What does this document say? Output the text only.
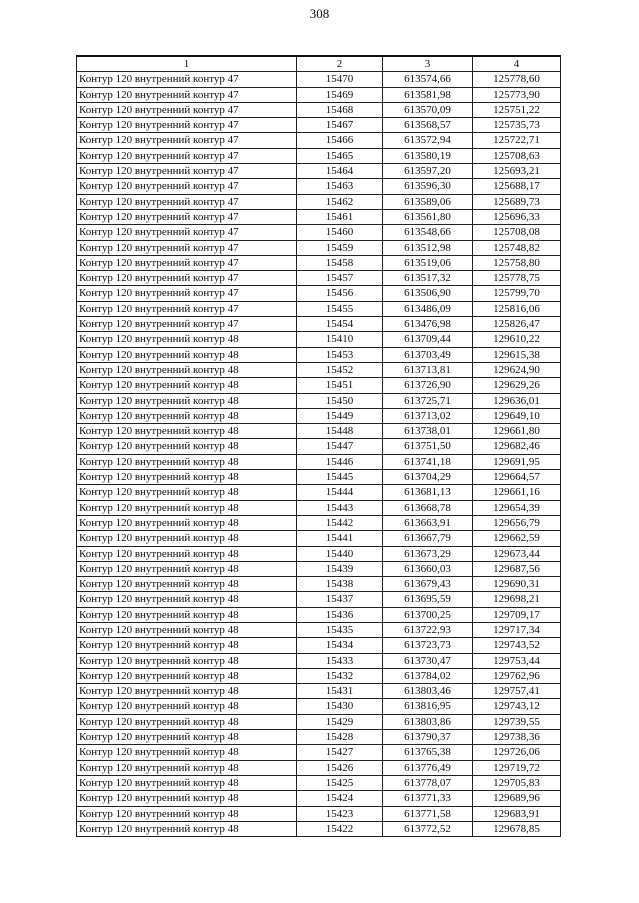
308
1	2	3	4
Контур 120 внутренний контур 47	15470	613574,66	125778,60
Контур 120 внутренний контур 47	15469	613581,98	125773,90
Контур 120 внутренний контур 47	15468	613570,09	125751,22
Контур 120 внутренний контур 47	15467	613568,57	125735,73
Контур 120 внутренний контур 47	15466	613572,94	125722,71
Контур 120 внутренний контур 47	15465	613580,19	125708,63
Контур 120 внутренний контур 47	15464	613597,20	125693,21
Контур 120 внутренний контур 47	15463	613596,30	125688,17
Контур 120 внутренний контур 47	15462	613589,06	125689,73
Контур 120 внутренний контур 47	15461	613561,80	125696,33
Контур 120 внутренний контур 47	15460	613548,66	125708,08
Контур 120 внутренний контур 47	15459	613512,98	125748,82
Контур 120 внутренний контур 47	15458	613519,06	125758,80
Контур 120 внутренний контур 47	15457	613517,32	125778,75
Контур 120 внутренний контур 47	15456	613506,90	125799,70
Контур 120 внутренний контур 47	15455	613486,09	125816,06
Контур 120 внутренний контур 47	15454	613476,98	125826,47
Контур 120 внутренний контур 48	15410	613709,44	129610,22
Контур 120 внутренний контур 48	15453	613703,49	129615,38
Контур 120 внутренний контур 48	15452	613713,81	129624,90
Контур 120 внутренний контур 48	15451	613726,90	129629,26
Контур 120 внутренний контур 48	15450	613725,71	129636,01
Контур 120 внутренний контур 48	15449	613713,02	129649,10
Контур 120 внутренний контур 48	15448	613738,01	129661,80
Контур 120 внутренний контур 48	15447	613751,50	129682,46
Контур 120 внутренний контур 48	15446	613741,18	129691,95
Контур 120 внутренний контур 48	15445	613704,29	129664,57
Контур 120 внутренний контур 48	15444	613681,13	129661,16
Контур 120 внутренний контур 48	15443	613668,78	129654,39
Контур 120 внутренний контур 48	15442	613663,91	129656,79
Контур 120 внутренний контур 48	15441	613667,79	129662,59
Контур 120 внутренний контур 48	15440	613673,29	129673,44
Контур 120 внутренний контур 48	15439	613660,03	129687,56
Контур 120 внутренний контур 48	15438	613679,43	129690,31
Контур 120 внутренний контур 48	15437	613695,59	129698,21
Контур 120 внутренний контур 48	15436	613700,25	129709,17
Контур 120 внутренний контур 48	15435	613722,93	129717,34
Контур 120 внутренний контур 48	15434	613723,73	129743,52
Контур 120 внутренний контур 48	15433	613730,47	129753,44
Контур 120 внутренний контур 48	15432	613784,02	129762,96
Контур 120 внутренний контур 48	15431	613803,46	129757,41
Контур 120 внутренний контур 48	15430	613816,95	129743,12
Контур 120 внутренний контур 48	15429	613803,86	129739,55
Контур 120 внутренний контур 48	15428	613790,37	129738,36
Контур 120 внутренний контур 48	15427	613765,38	129726,06
Контур 120 внутренний контур 48	15426	613776,49	129719,72
Контур 120 внутренний контур 48	15425	613778,07	129705,83
Контур 120 внутренний контур 48	15424	613771,33	129689,96
Контур 120 внутренний контур 48	15423	613771,58	129683,91
Контур 120 внутренний контур 48	15422	613772,52	129678,85
